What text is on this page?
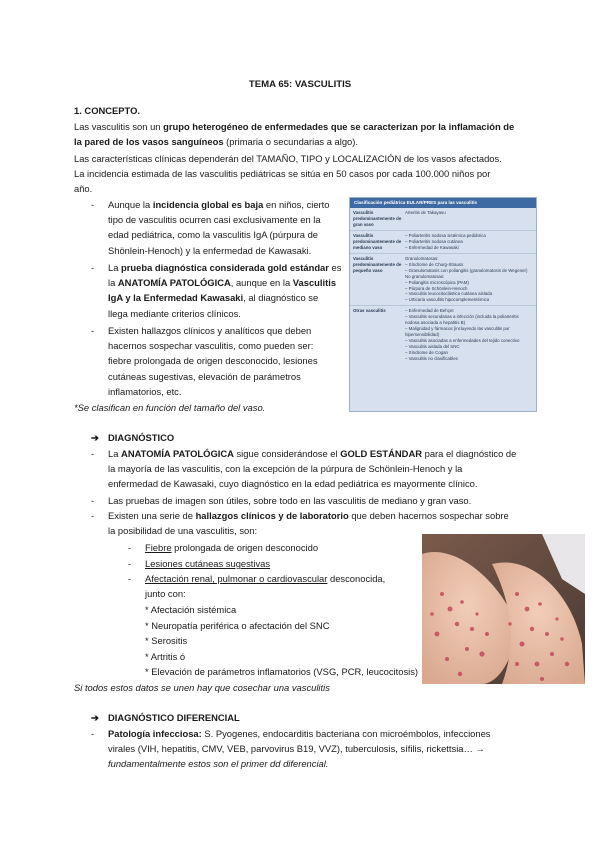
TEMA 65: VASCULITIS
1. CONCEPTO.
Las vasculitis son un grupo heterogéneo de enfermedades que se caracterizan por la inflamación de
la pared de los vasos sanguíneos (primaria o secundarias a algo).
Las características clínicas dependerán del TAMAÑO, TIPO y LOCALIZACIÓN de los vasos afectados.
La incidencia estimada de las vasculitis pediátricas se sitúa en 50 casos por cada 100.000 niños por
año.
- Aunque la incidencia global es baja en niños, cierto
tipo de vasculitis ocurren casi exclusivamente en la
edad pediátrica, como la vasculitis IgA (púrpura de
Shönlein-Henoch) y la enfermedad de Kawasaki.
- La prueba diagnóstica considerada gold estándar es
la ANATOMÍA PATOLÓGICA, aunque en la Vasculitis
IgA y la Enfermedad Kawasaki, al diagnóstico se
llega mediante criterios clínicos.
- Existen hallazgos clínicos y analíticos que deben
hacernos sospechar vasculitis, como pueden ser:
fiebre prolongada de origen desconocido, lesiones
cutáneas sugestivas, elevación de parámetros
inflamatorios, etc.
*Se clasifican en función del tamaño del vaso.
Clasificación pediátrica EULAR/PRES para las vasculitis
Vasculitis predominantemente de gran vaso
Arteritis de Takayasu
Vasculitis predominantemente de mediano vaso
– Poliarteritis nodosa sistémica pediátrica
– Poliarteritis nodosa cutánea
– Enfermedad de Kawasaki
Vasculitis predominantemente de pequeño vaso
Granulomatosas:
– Síndrome de Churg-Strauss
– Granulomatosis con poliangitis (granulomatosis de Wegener)
No granulomatosas:
– Poliangitis microscópica (PAM)
– Púrpura de Schönlein-Henoch
– Vasculitis leucocitoclástica cutánea aislada
– Urticaria vasculitis hipocomplementémica
Otras vasculitis	– Enfermedad de Behçet
– Vasculitis secundarias a infección (incluida la poliarteritis nodosa asociada a hepatitis B)
– Malignidad y fármacos (incluyendo las vasculitis por hipersensibilidad)
– Vasculitis asociadas a enfermedades del tejido conectivo
– Vasculitis aislada del SNC
– Síndrome de Cogan
– Vasculitis no clasificables
➔ DIAGNÓSTICO
- La ANATOMÍA PATOLÓGICA sigue considerándose el GOLD ESTÁNDAR para el diagnóstico de
la mayoría de las vasculitis, con la excepción de la púrpura de Schönlein-Henoch y la
enfermedad de Kawasaki, cuyo diagnóstico en la edad pediátrica es mayormente clínico.
- Las pruebas de imagen son útiles, sobre todo en las vasculitis de mediano y gran vaso.
- Existen una serie de hallazgos clínicos y de laboratorio que deben hacernos sospechar sobre
la posibilidad de una vasculitis, son:
- Fiebre prolongada de origen desconocido
- Lesiones cutáneas sugestivas
- Afectación renal, pulmonar o cardiovascular desconocida,
junto con:
* Afectación sistémica
* Neuropatía periférica o afectación del SNC
* Serositis
* Artritis ó
* Elevación de parámetros inflamatorios (VSG, PCR, leucocitosis)
Si todos estos datos se unen hay que cosechar una vasculitis
➔ DIAGNÓSTICO DIFERENCIAL
- Patología infecciosa: S. Pyogenes, endocarditis bacteriana con microémbolos, infecciones
virales (VIH, hepatitis, CMV, VEB, parvovirus B19, VVZ), tuberculosis, sífilis, rickettsia… →
fundamentalmente estos son el primer dd diferencial.
